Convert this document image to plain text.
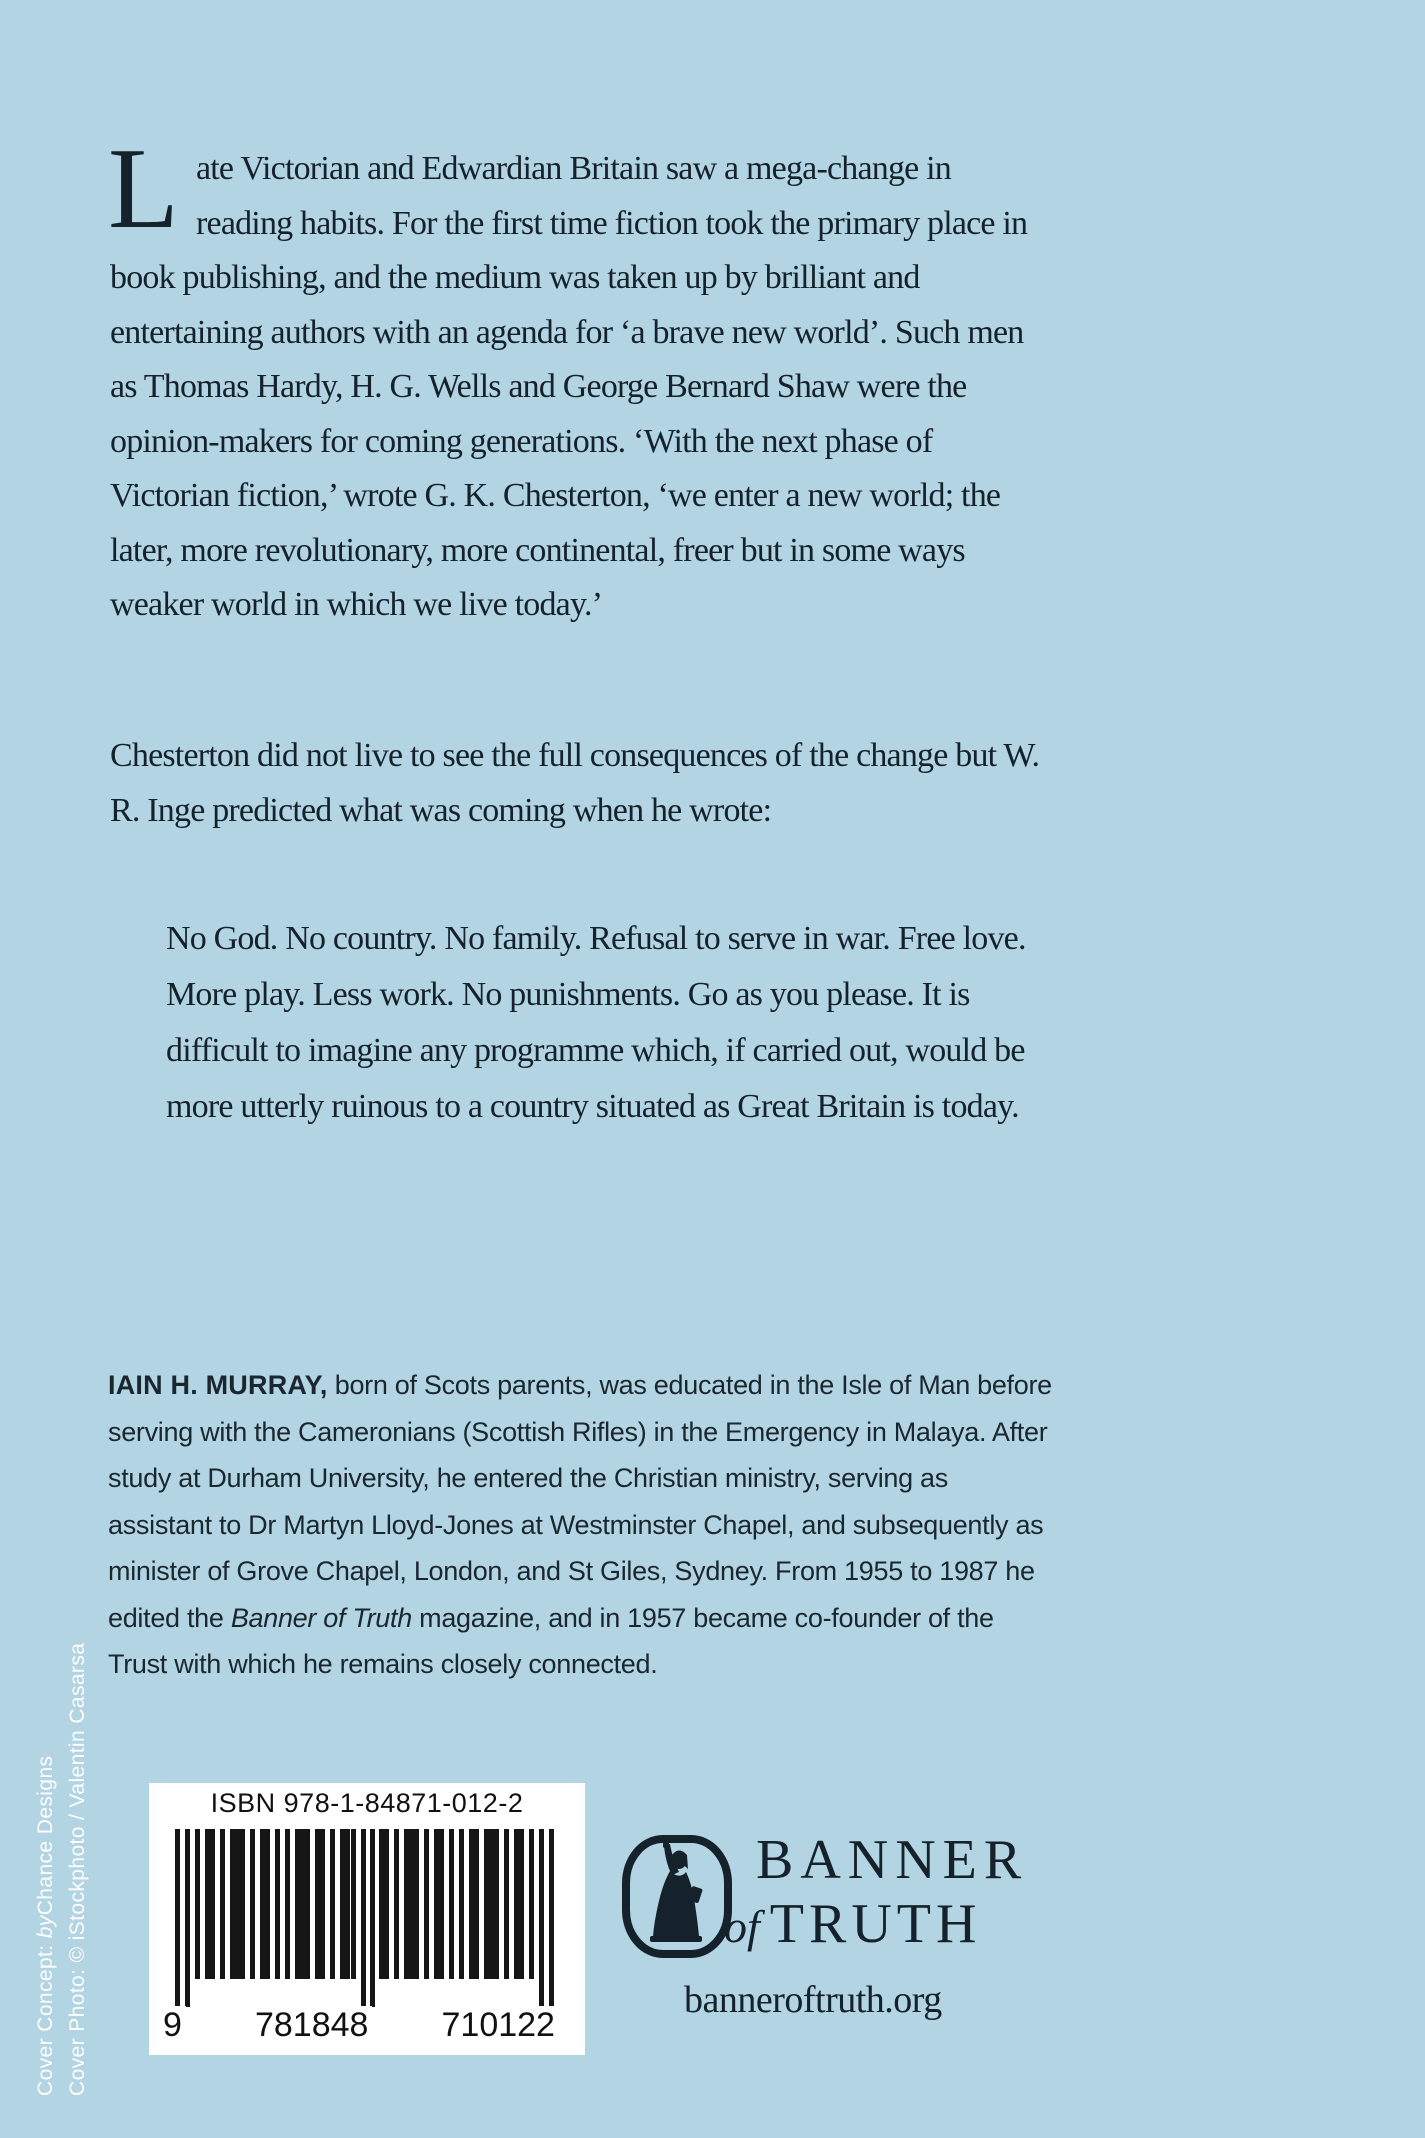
L ate Victorian and Edwardian Britain saw a mega-change in reading habits. For the first time fiction took the primary place in book publishing, and the medium was taken up by brilliant and entertaining authors with an agenda for ‘a brave new world’. Such men as Thomas Hardy, H. G. Wells and George Bernard Shaw were the opinion-makers for coming generations. ‘With the next phase of Victorian fiction,’ wrote G. K. Chesterton, ‘we enter a new world; the later, more revolutionary, more continental, freer but in some ways weaker world in which we live today.’

Chesterton did not live to see the full consequences of the change but W. R. Inge predicted what was coming when he wrote:

No God. No country. No family. Refusal to serve in war. Free love. More play. Less work. No punishments. Go as you please. It is difficult to imagine any programme which, if carried out, would be more utterly ruinous to a country situated as Great Britain is today.

IAIN H. MURRAY, born of Scots parents, was educated in the Isle of Man before serving with the Cameronians (Scottish Rifles) in the Emergency in Malaya. After study at Durham University, he entered the Christian ministry, serving as assistant to Dr Martyn Lloyd-Jones at Westminster Chapel, and subsequently as minister of Grove Chapel, London, and St Giles, Sydney. From 1955 to 1987 he edited the Banner of Truth magazine, and in 1957 became co-founder of the Trust with which he remains closely connected.

Cover Concept: byChance Designs Cover Photo: © iStockphoto / Valentin Casarsa	ISBN 978-1-84871-012-2
9 781848 710122
BANNER
of TRUTH
banneroftruth.org
